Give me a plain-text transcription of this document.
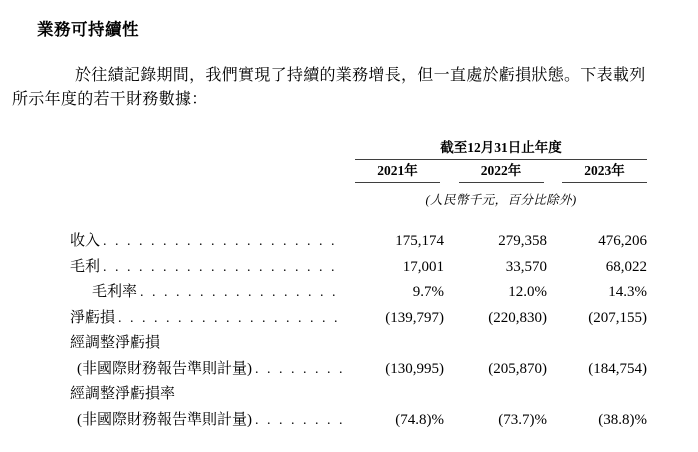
業務可持續性
於往績記錄期間，我們實現了持續的業務增長，但一直處於虧損狀態。下表載列
所示年度的若干財務數據：
截至12月31日止年度
2021年	2022年	2023年
(人民幣千元，百分比除外)
收入 . . .	175,174	279,358	476,206
毛利 . . .	17,001	33,570	68,022
毛利率 . . .	9.7%	12.0%	14.3%
淨虧損 . . .	(139,797)	(220,830)	(207,155)
經調整淨虧損
(非國際財務報告準則計量) . . .	(130,995)	(205,870)	(184,754)
經調整淨虧損率
(非國際財務報告準則計量) . . .	(74.8)%	(73.7)%	(38.8)%
